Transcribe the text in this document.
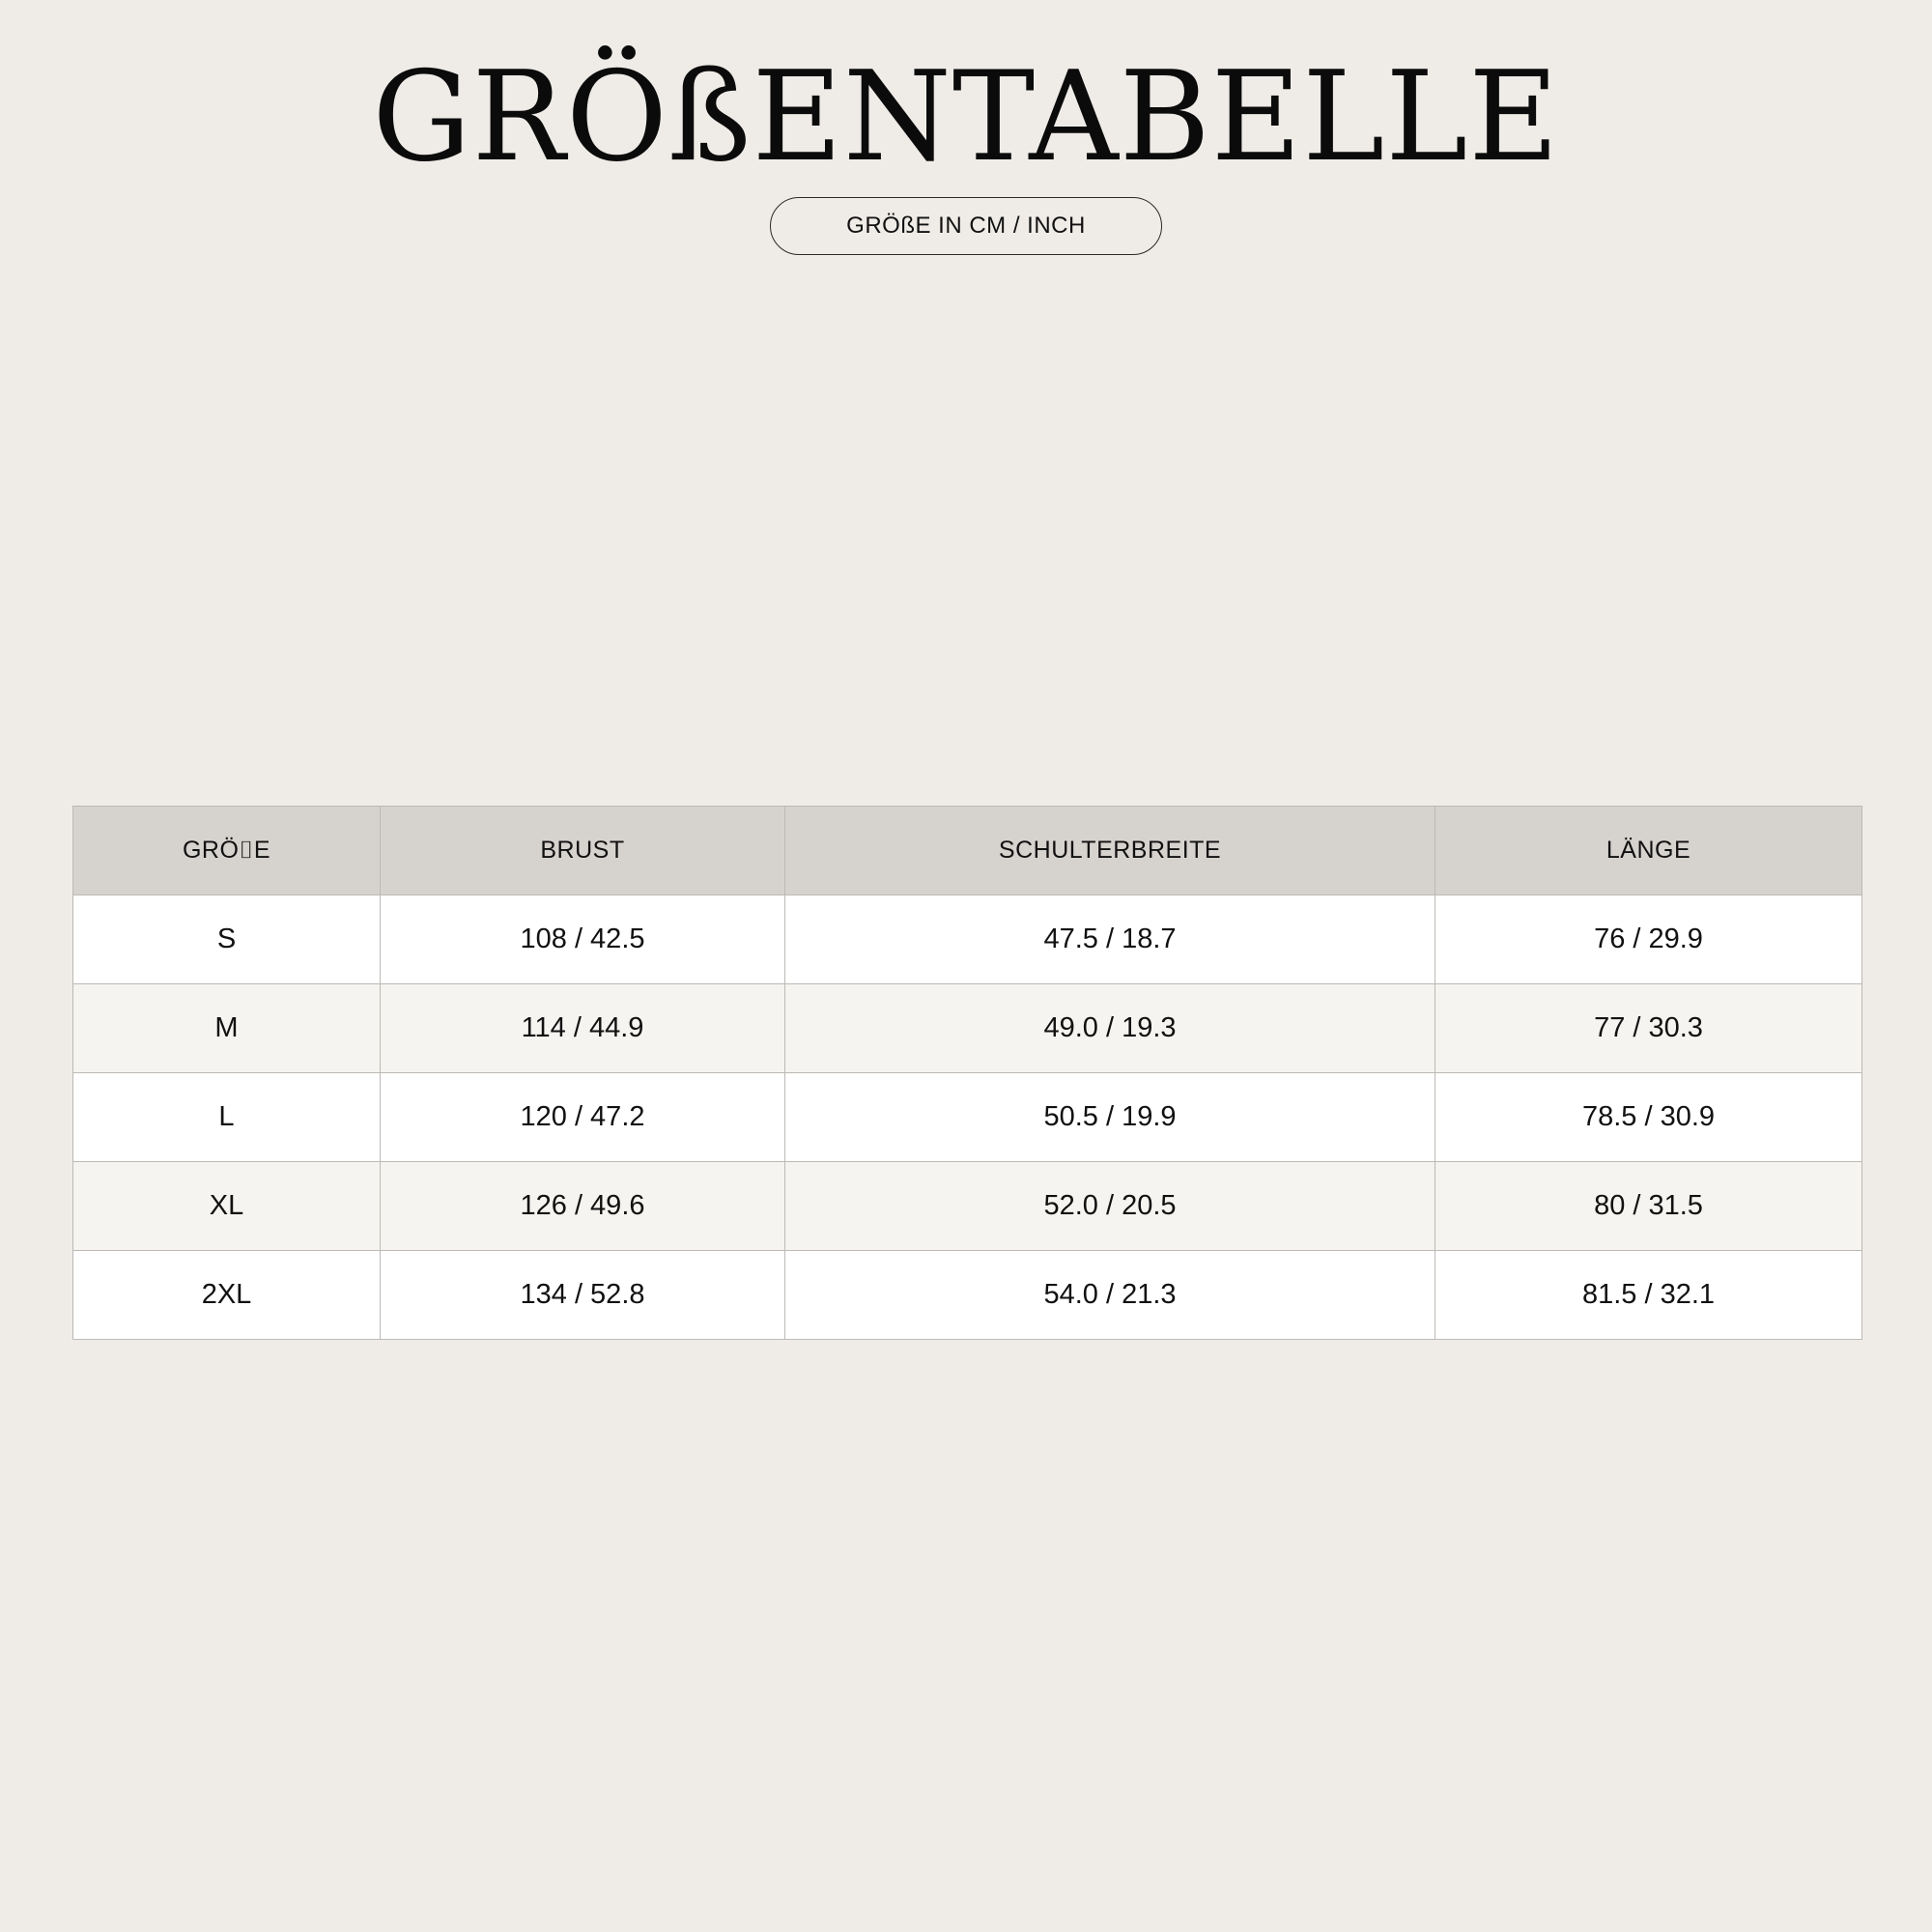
GRÖßENTABELLE
GRÖßE IN CM / INCH
GRÖ⌷E	BRUST	SCHULTERBREITE	LÄNGE
S	108 / 42.5	47.5 / 18.7	76 / 29.9
M	114 / 44.9	49.0 / 19.3	77 / 30.3
L	120 / 47.2	50.5 / 19.9	78.5 / 30.9
XL	126 / 49.6	52.0 / 20.5	80 / 31.5
2XL	134 / 52.8	54.0 / 21.3	81.5 / 32.1
